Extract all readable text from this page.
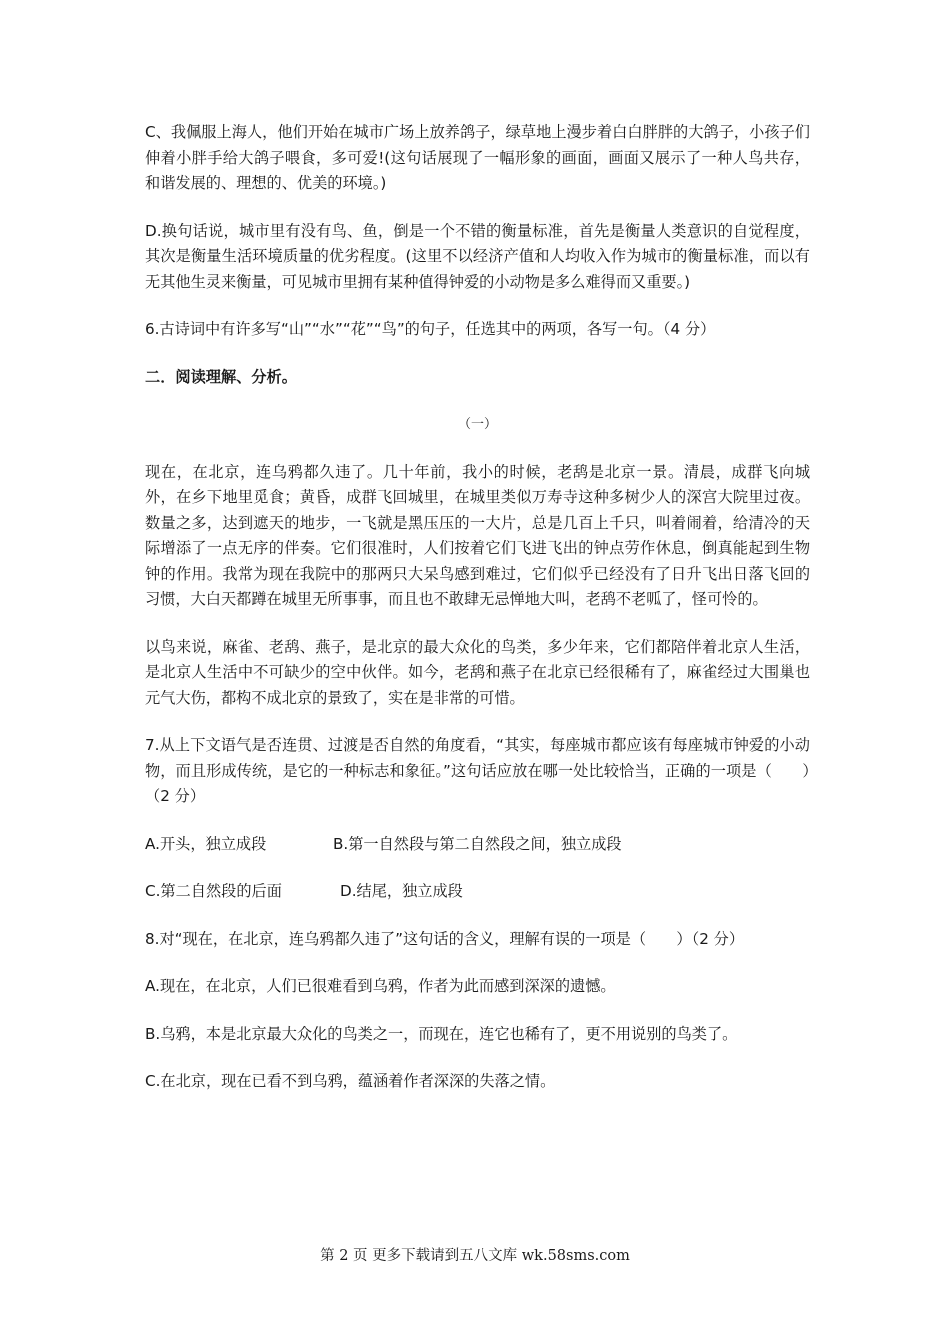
C、我佩服上海人，他们开始在城市广场上放养鸽子，绿草地上漫步着白白胖胖的大鸽子，小孩子们伸着小胖手给大鸽子喂食，多可爱!(这句话展现了一幅形象的画面，画面又展示了一种人鸟共存，和谐发展的、理想的、优美的环境。)

D.换句话说，城市里有没有鸟、鱼，倒是一个不错的衡量标准，首先是衡量人类意识的自觉程度，其次是衡量生活环境质量的优劣程度。(这里不以经济产值和人均收入作为城市的衡量标准，而以有无其他生灵来衡量，可见城市里拥有某种值得钟爱的小动物是多么难得而又重要。)

6.古诗词中有许多写“山”“水”“花”“鸟”的句子，任选其中的两项，各写一句。（4 分）

二．阅读理解、分析。

（一）

现在，在北京，连乌鸦都久违了。几十年前，我小的时候，老鸹是北京一景。清晨，成群飞向城外，在乡下地里觅食；黄昏，成群飞回城里，在城里类似万寿寺这种多树少人的深宫大院里过夜。数量之多，达到遮天的地步，一飞就是黑压压的一大片，总是几百上千只，叫着闹着，给清冷的天际增添了一点无序的伴奏。它们很准时，人们按着它们飞进飞出的钟点劳作休息，倒真能起到生物钟的作用。我常为现在我院中的那两只大呆鸟感到难过，它们似乎已经没有了日升飞出日落飞回的习惯，大白天都蹲在城里无所事事，而且也不敢肆无忌惮地大叫，老鸹不老呱了，怪可怜的。

以鸟来说，麻雀、老鸹、燕子，是北京的最大众化的鸟类，多少年来，它们都陪伴着北京人生活，是北京人生活中不可缺少的空中伙伴。如今，老鸹和燕子在北京已经很稀有了，麻雀经过大围巢也元气大伤，都构不成北京的景致了，实在是非常的可惜。

7.从上下文语气是否连贯、过渡是否自然的角度看，“其实，每座城市都应该有每座城市钟爱的小动物，而且形成传统，是它的一种标志和象征。”这句话应放在哪一处比较恰当，正确的一项是（　　）（2 分）

A.开头，独立成段	B.第一自然段与第二自然段之间，独立成段

C.第二自然段的后面	D.结尾，独立成段

8.对“现在，在北京，连乌鸦都久违了”这句话的含义，理解有误的一项是（　　）（2 分）

A.现在，在北京，人们已很难看到乌鸦，作者为此而感到深深的遗憾。

B.乌鸦，本是北京最大众化的鸟类之一，而现在，连它也稀有了，更不用说别的鸟类了。

C.在北京，现在已看不到乌鸦，蕴涵着作者深深的失落之情。

第 2 页 更多下载请到五八文库 wk.58sms.com
